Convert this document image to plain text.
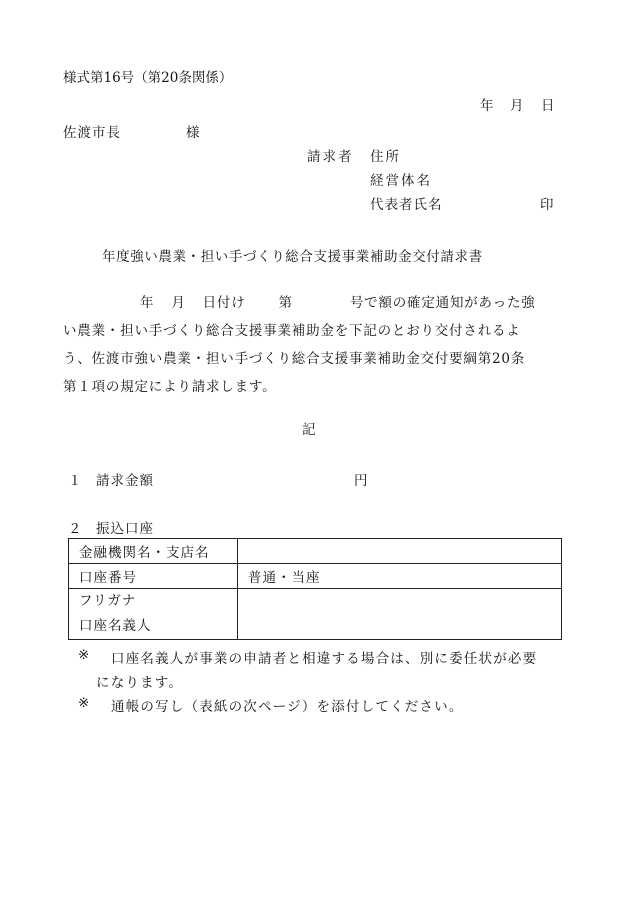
様式第16号（第20条関係）
年 月 日
佐渡市長	様
請求者 住所
経営体名
代表者氏名	印
年度強い農業・担い手づくり総合支援事業補助金交付請求書
年 月 日付け 第	号で額の確定通知があった強
い農業・担い手づくり総合支援事業補助金を下記のとおり交付されるよ
う、佐渡市強い農業・担い手づくり総合支援事業補助金交付要綱第20条
第１項の規定により請求します。
記
１ 請求金額	円
２ 振込口座
金融機関名・支店名	
口座番号	普通・当座

フリガナ
口座名義人	

※ 口座名義人が事業の申請者と相違する場合は、別に委任状が必要
になります。
※ 通帳の写し（表紙の次ページ）を添付してください。
